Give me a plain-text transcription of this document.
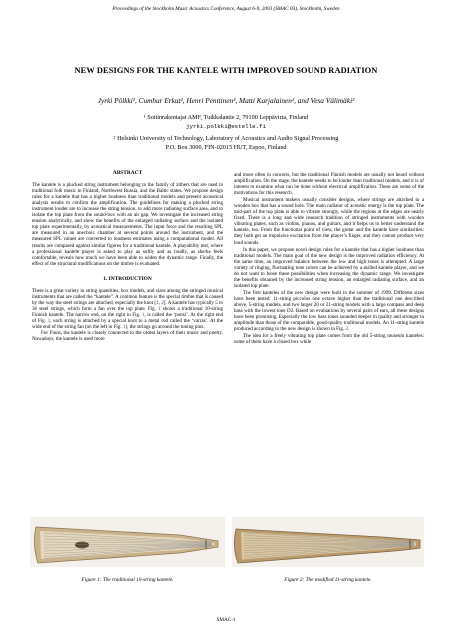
Proceedings of the Stockholm Music Acoustics Conference, August 6-9, 2003 (SMAC 03), Stockholm, Sweden
NEW DESIGNS FOR THE KANTELE WITH IMPROVED SOUND RADIATION
Jyrki Pölkki¹, Cumhur Erkut², Henri Penttinen², Matti Karjalainen², and Vesa Välimäki²
¹ Soitinrakentajat AMF, Tuikkalantie 2, 79100 Leppävirta, Finland
jyrki.polkki@estelle.fi
² Helsinki University of Technology, Laboratory of Acoustics and Audio Signal Processing
P.O. Box 3000, FIN-02015 HUT, Espoo, Finland

ABSTRACT

The kantele is a plucked string instrument belonging to the family of zithers that are used in traditional folk music in Finland, Northwest Russia, and the Baltic states. We propose design rules for a kantele that has a higher loudness than traditional models and present acoustical analysis results to confirm the amplification. The guidelines for making a plucked string instrument louder are to increase the string tension, to add more radiating surface area, and to isolate the top plate from the sound-box with an air gap. We investigate the increased string tension analytically, and show the benefits of the enlarged radiating surface and the isolated top plate experimentally, by acoustical measurements. The input force and the resulting SPL are measured in an anechoic chamber at several points around the instrument, and the measured SPL values are converted to loudness estimates using a computational model. All results are compared against similar figures for a traditional kantele. A playability test, where a professional kantele player is asked to play as softly and as loudly, as she/he feels comfortable, reveals how much we have been able to widen the dynamic range. Finally, the effect of the structural modifications on the timbre is evaluated.

1. INTRODUCTION

There is a great variety in string quantities, box models, and sizes among the stringed musical instruments that are called the “kantele”. A common feature is the special timbre that is caused by the way the steel strings are attached, especially the knot [1, 2]. A kantele has typically 5 to 36 steel strings, which form a fan over the top plate. Fig. 1 shows a traditional 10-string Finnish kantele. The narrow end, on the right in Fig. 1, is called the ‘ponsi’. At the right end of Fig. 1, each string is attached by a special knot to a metal rod called the ‘varras’. At the wide end of the string fan (on the left in Fig. 1), the strings go around the tuning pins.

For Finns, the kantele is closely connected to the oldest layers of their music and poetry. Nowadays, the kantele is used more

and more often in concerts, but the traditional Finnish models are usually not heard without amplification. On the stage, the kantele needs to be louder than traditional models, and it is of interest to examine what can be done without electrical amplification. These are some of the motivations for this research.

Musical instrument makers usually consider designs, where strings are attached to a wooden box that has a sound hole. The main radiator of acoustic energy is the top plate. The mid-part of the top plate is able to vibrate strongly, while the regions at the edges are nearly fixed. There is a long and wide research tradition of stringed instruments with wooden vibrating plates, such as violins, pianos, and guitars, and it helps us to better understand the kantele, too. From the functional point of view, the guitar and the kantele have similarities: they both get an impulsive excitation from the player’s finger, and they cannot produce very loud sounds.

In this paper, we propose novel design rules for a kantele that has a higher loudness than traditional models. The main goal of the new design is the improved radiation efficiency. At the same time, an improved balance between the low and high tones is attempted. A large variety of ringing, fluctuating tone colors can be achieved by a skilled kantele player, and we do not want to loose these possibilities when increasing the dynamic range. We investigate the benefits obtained by the increased string tension, an enlarged radiating surface, and an isolated top plate.

The first kanteles of the new design were built in the summer of 1999. Different sizes have been tested: 11-string piccolos one octave higher than the traditional one described above, 5-string models, and two larger 20 or 21-string models with a large compass and deep bass with the lowest tone D2. Based on evaluations by several pairs of ears, all these designs have been promising. Especially the low bass tones sounded deeper in quality and stronger in amplitude than those of the comparable, good-quality traditional models. An 11-string kantele produced according to the new design is shown in Fig. 2.

The idea for a freely vibrating top plate comes from the old 5-string museum kanteles: some of them have a closed box while

Figure 1: The traditional 10-string kantele.	Figure 2: The modified 11-string kantele.
SMAC-1
